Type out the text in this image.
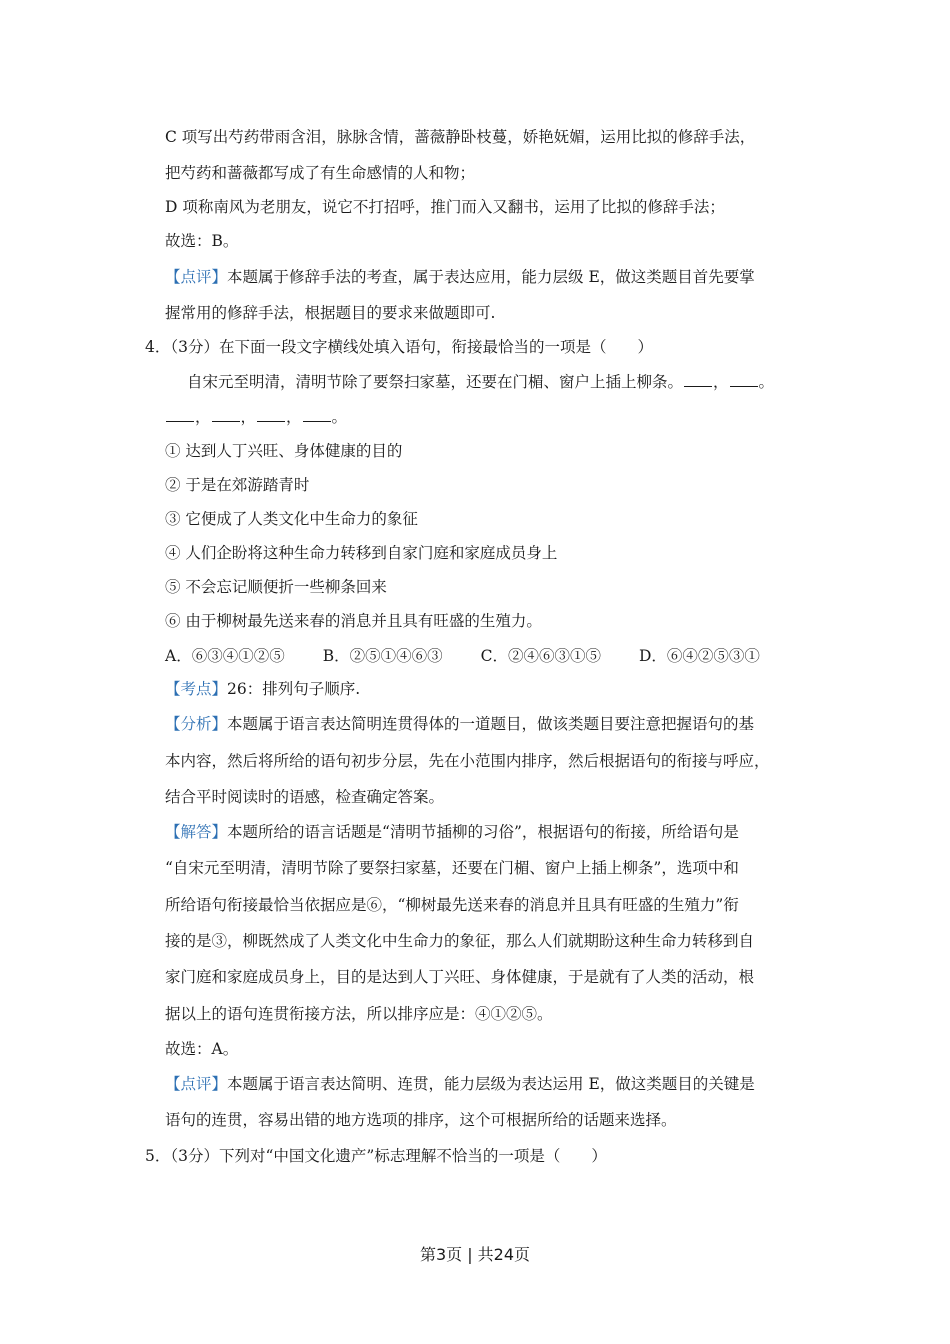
C 项写出芍药带雨含泪，脉脉含情，蔷薇静卧枝蔓，娇艳妩媚，运用比拟的修辞手法，
把芍药和蔷薇都写成了有生命感情的人和物；
D 项称南风为老朋友，说它不打招呼，推门而入又翻书，运用了比拟的修辞手法；
故选：B。
【点评】本题属于修辞手法的考查，属于表达应用，能力层级 E，做这类题目首先要掌
握常用的修辞手法，根据题目的要求来做题即可.
4．（3分）在下面一段文字横线处填入语句，衔接最恰当的一项是（　　）
自宋元至明清，清明节除了要祭扫家墓，还要在门楣、窗户上插上柳条。 ， 。
， ， ， 。
① 达到人丁兴旺、身体健康的目的
② 于是在郊游踏青时
③ 它便成了人类文化中生命力的象征
④ 人们企盼将这种生命力转移到自家门庭和家庭成员身上
⑤ 不会忘记顺便折一些柳条回来
⑥ 由于柳树最先送来春的消息并且具有旺盛的生殖力。
A．⑥③④①②⑤ B．②⑤①④⑥③ C．②④⑥③①⑤ D．⑥④②⑤③①
【考点】26：排列句子顺序.
【分析】本题属于语言表达简明连贯得体的一道题目，做该类题目要注意把握语句的基
本内容，然后将所给的语句初步分层，先在小范围内排序，然后根据语句的衔接与呼应，
结合平时阅读时的语感，检查确定答案。
【解答】本题所给的语言话题是“清明节插柳的习俗”，根据语句的衔接，所给语句是
“自宋元至明清，清明节除了要祭扫家墓，还要在门楣、窗户上插上柳条”，选项中和
所给语句衔接最恰当依据应是⑥，“柳树最先送来春的消息并且具有旺盛的生殖力”衔
接的是③，柳既然成了人类文化中生命力的象征，那么人们就期盼这种生命力转移到自
家门庭和家庭成员身上，目的是达到人丁兴旺、身体健康，于是就有了人类的活动，根
据以上的语句连贯衔接方法，所以排序应是：④①②⑤。
故选：A。
【点评】本题属于语言表达简明、连贯，能力层级为表达运用 E，做这类题目的关键是
语句的连贯，容易出错的地方选项的排序，这个可根据所给的话题来选择。
5．（3分）下列对“中国文化遗产”标志理解不恰当的一项是（　　）
第3页 | 共24页
